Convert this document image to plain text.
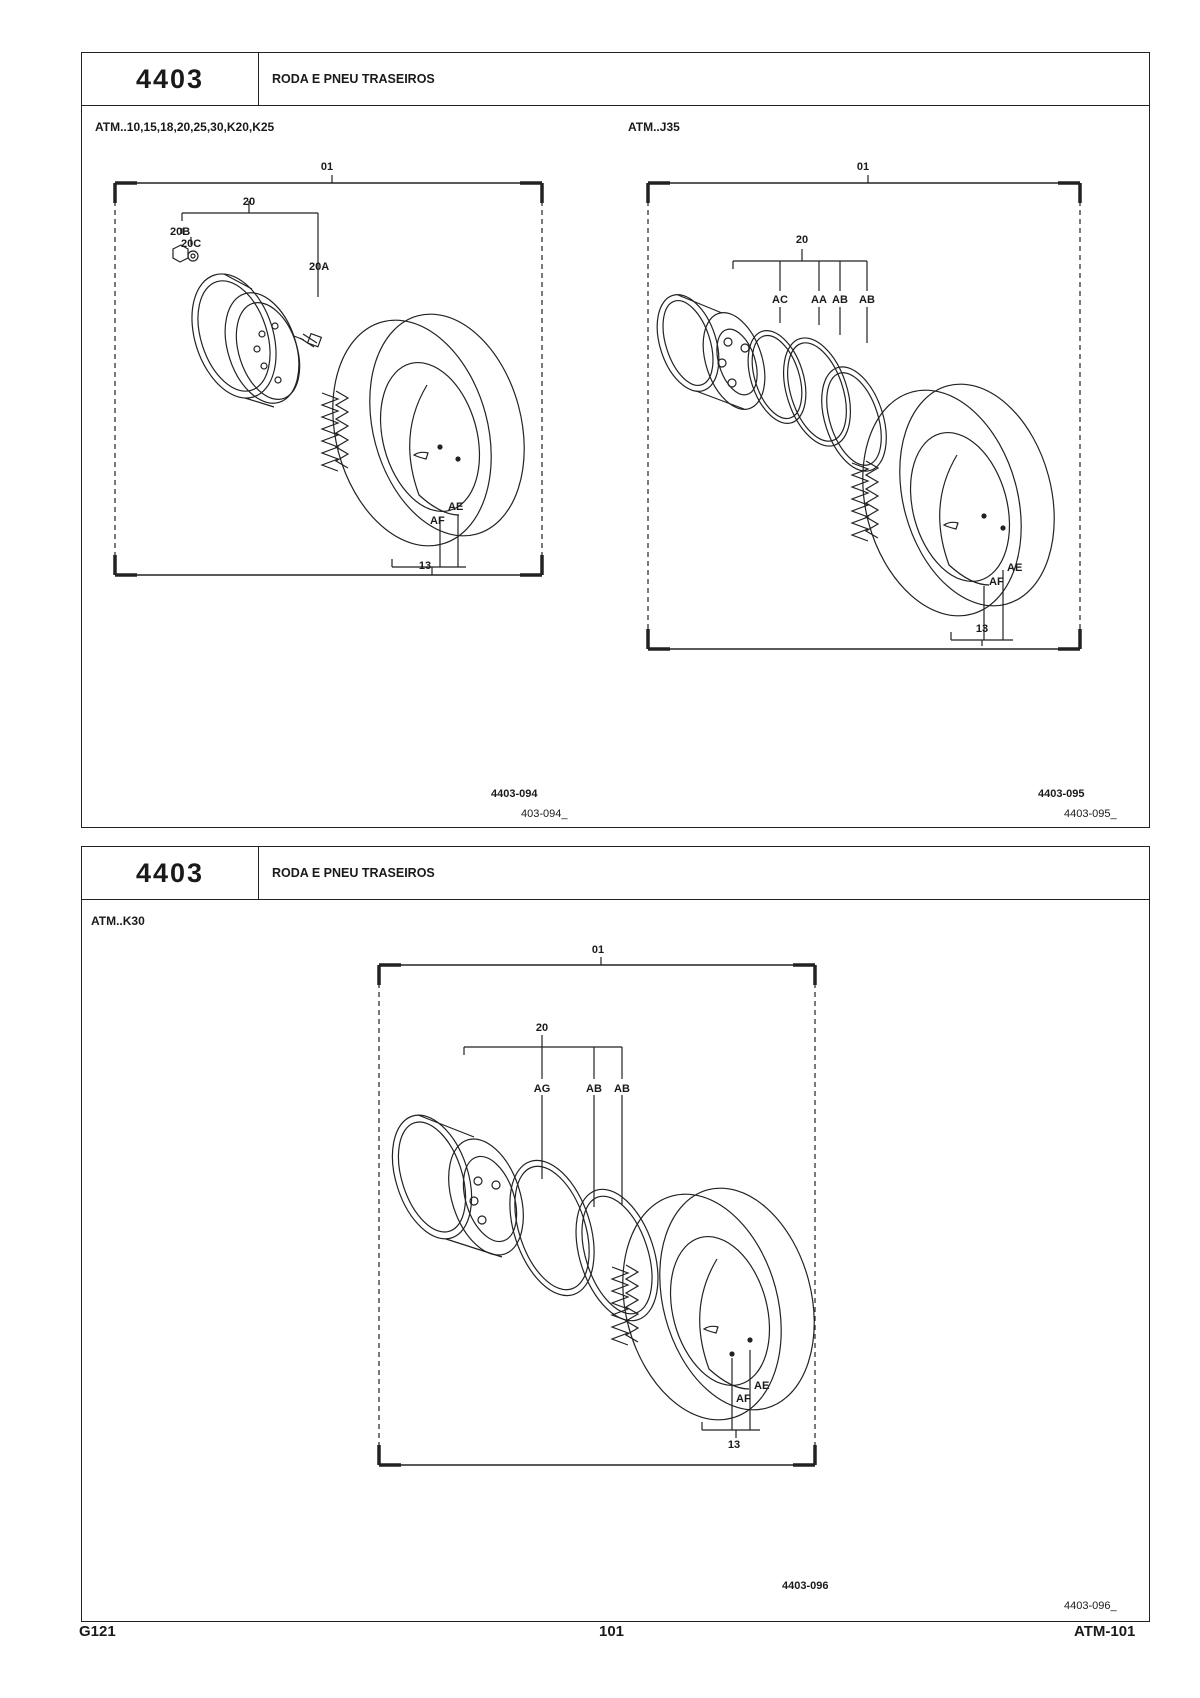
4403	RODA E PNEU TRASEIROS
ATM..10,15,18,20,25,30,K20,K25	ATM..J35
01
20
20B
20C
20A
AE
AF
13
01
20
AC AA AB AB
AE
AF
13
4403-094
403-094_
4403-095
4403-095_
4403	RODA E PNEU TRASEIROS
ATM..K30
01
20
AG	AB AB
AE
AF
13
4403-096
4403-096_
G121	101	ATM-101
